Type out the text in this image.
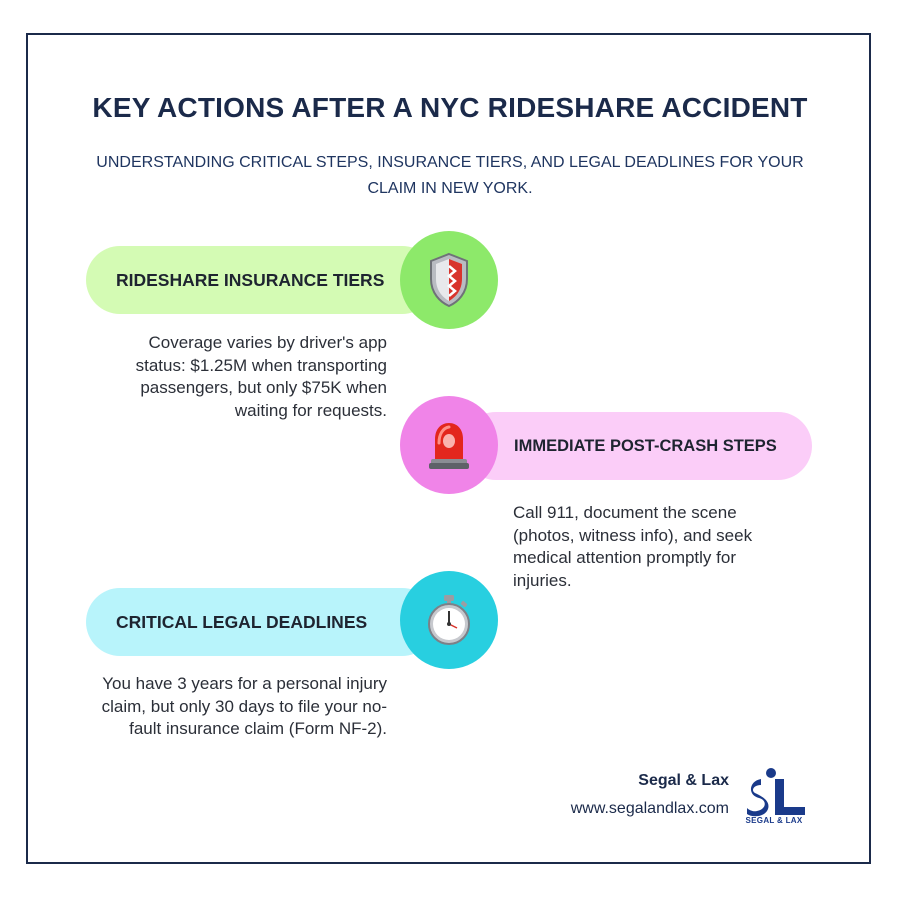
KEY ACTIONS AFTER A NYC RIDESHARE ACCIDENT
UNDERSTANDING CRITICAL STEPS, INSURANCE TIERS, AND LEGAL DEADLINES FOR YOUR CLAIM IN NEW YORK.
RIDESHARE INSURANCE TIERS
Coverage varies by driver's app status: $1.25M when transporting passengers, but only $75K when waiting for requests.
IMMEDIATE POST-CRASH STEPS
Call 911, document the scene (photos, witness info), and seek medical attention promptly for injuries.
CRITICAL LEGAL DEADLINES
You have 3 years for a personal injury claim, but only 30 days to file your no-fault insurance claim (Form NF-2).
Segal & Lax
www.segalandlax.com
SEGAL & LAX
